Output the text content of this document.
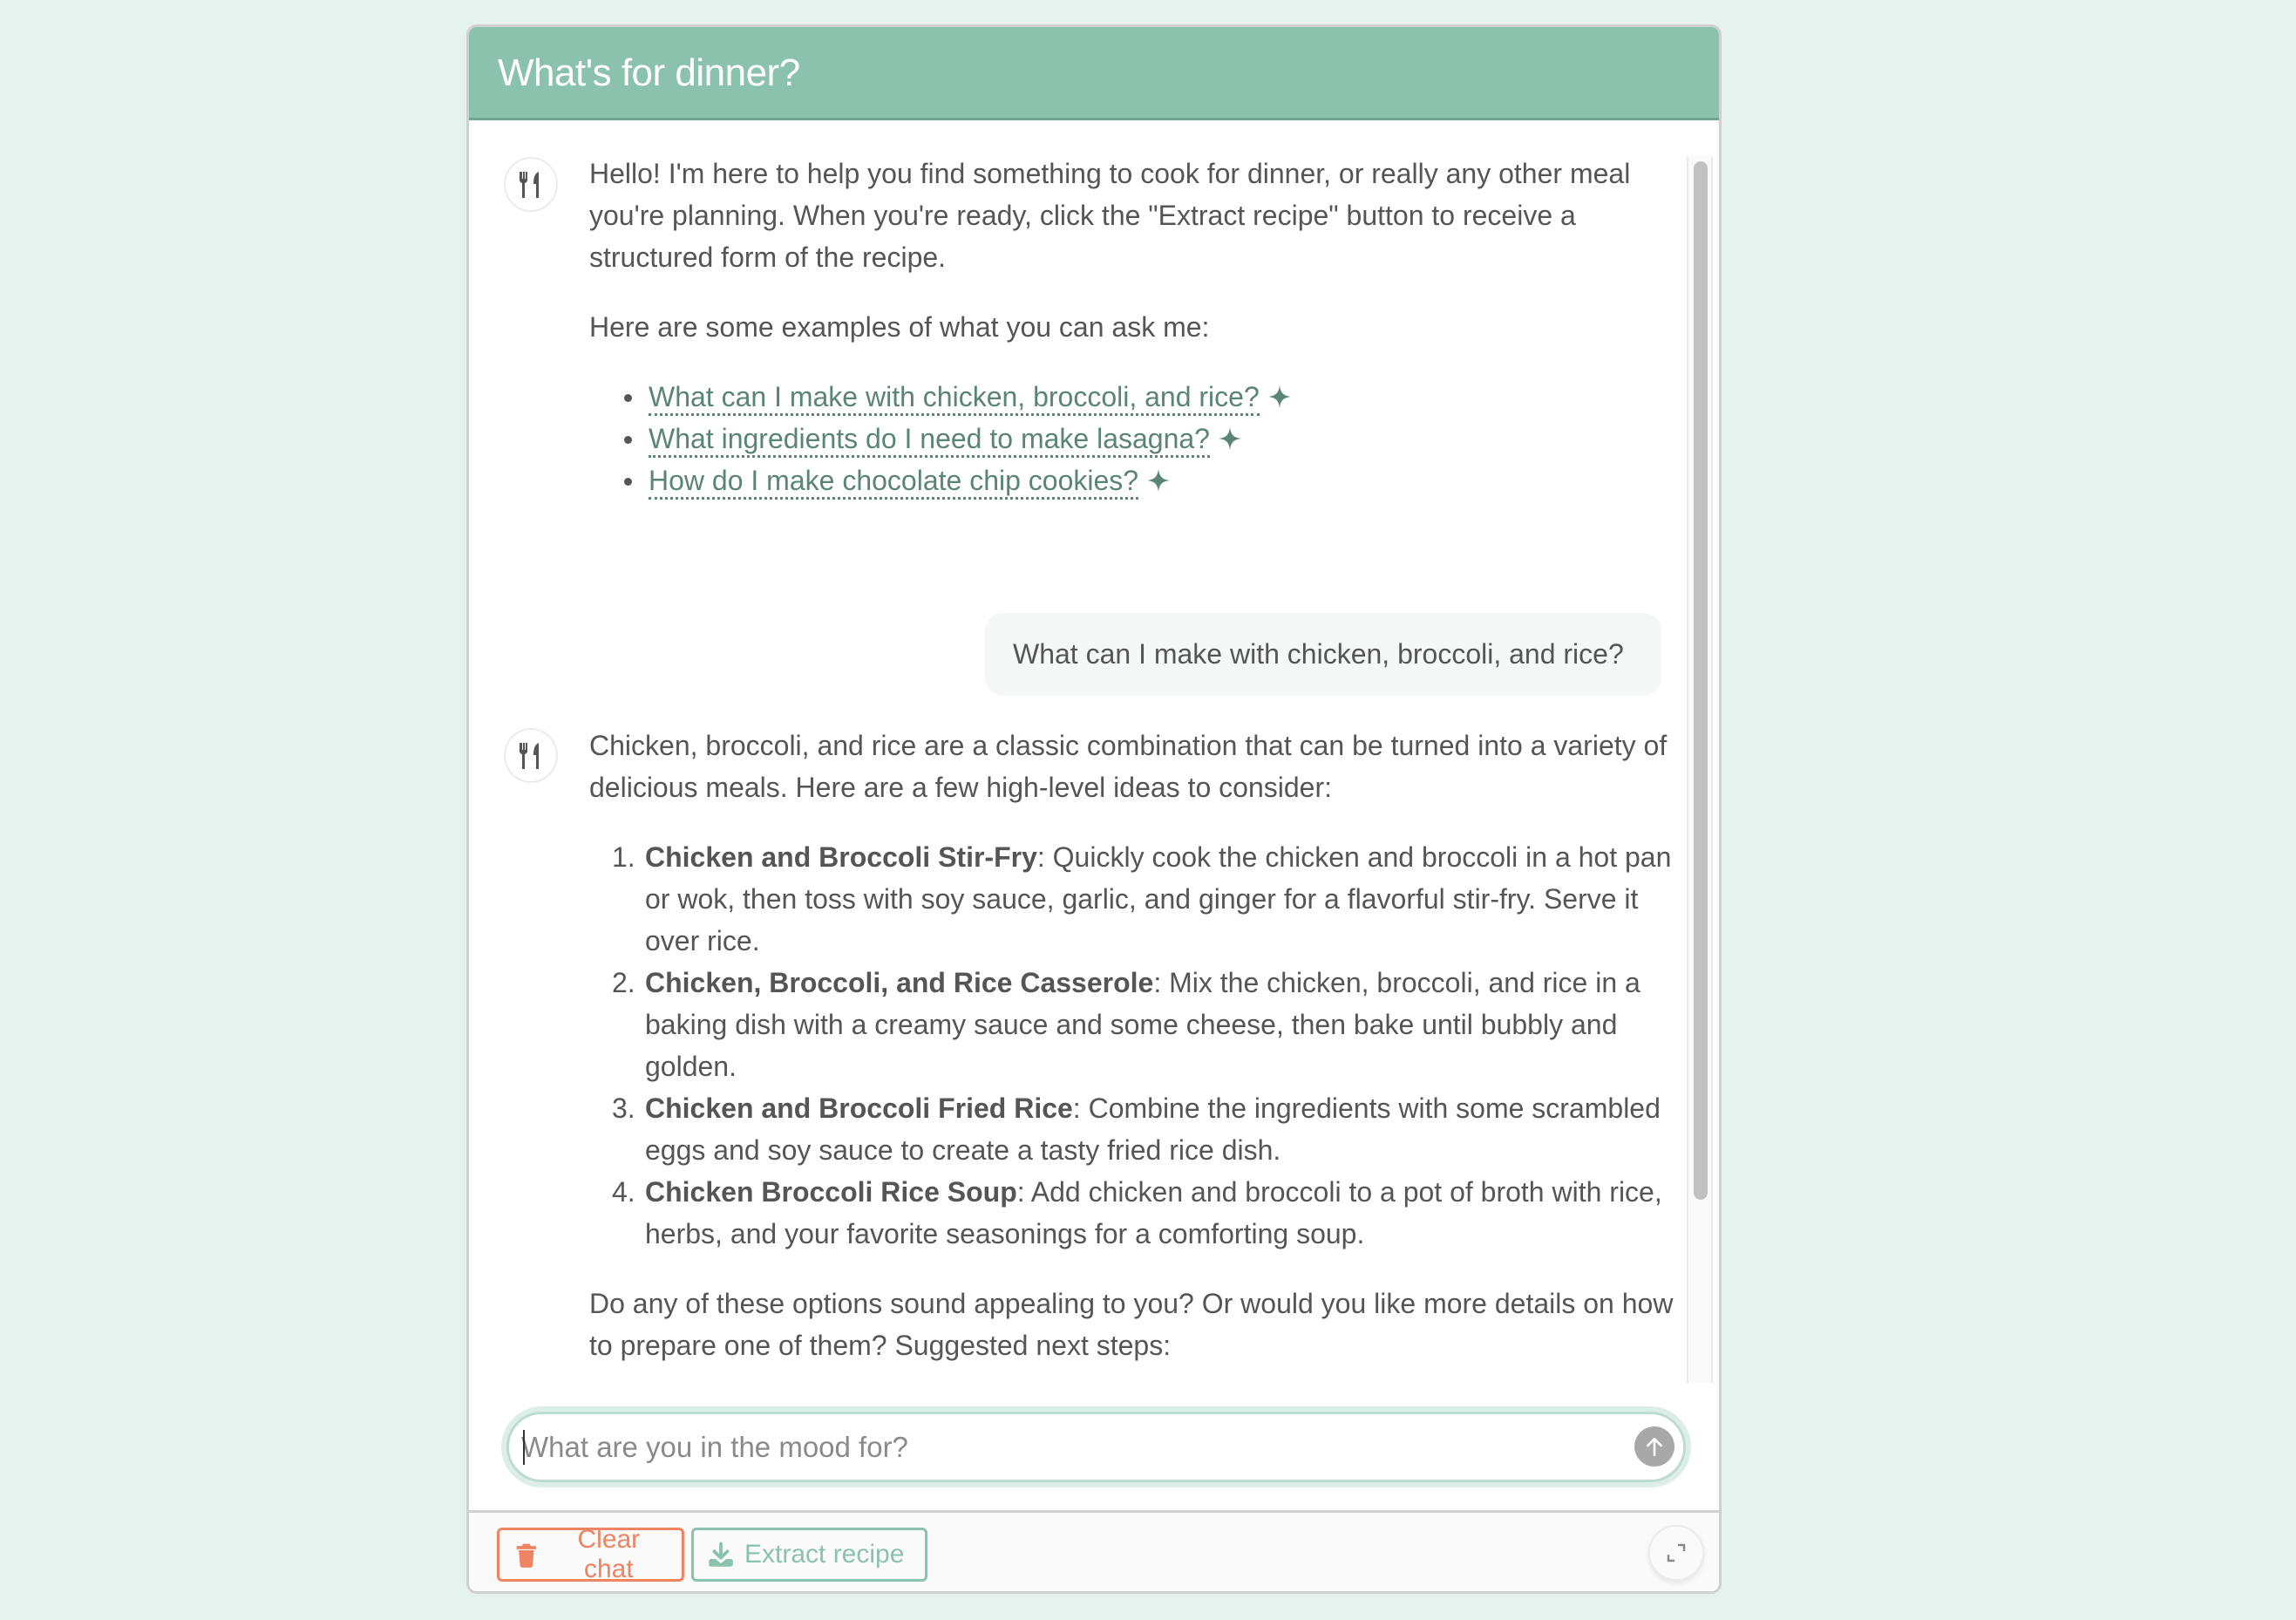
What's for dinner?

Hello! I'm here to help you find something to cook for dinner, or really any other meal you're planning. When you're ready, click the "Extract recipe" button to receive a structured form of the recipe.

Here are some examples of what you can ask me:

What can I make with chicken, broccoli, and rice?
What ingredients do I need to make lasagna?
How do I make chocolate chip cookies?
What can I make with chicken, broccoli, and rice?

Chicken, broccoli, and rice are a classic combination that can be turned into a variety of delicious meals. Here are a few high-level ideas to consider:

1. Chicken and Broccoli Stir-Fry: Quickly cook the chicken and broccoli in a hot pan or wok, then toss with soy sauce, garlic, and ginger for a flavorful stir-fry. Serve it over rice.
2. Chicken, Broccoli, and Rice Casserole: Mix the chicken, broccoli, and rice in a baking dish with a creamy sauce and some cheese, then bake until bubbly and golden.
3. Chicken and Broccoli Fried Rice: Combine the ingredients with some scrambled eggs and soy sauce to create a tasty fried rice dish.
4. Chicken Broccoli Rice Soup: Add chicken and broccoli to a pot of broth with rice, herbs, and your favorite seasonings for a comforting soup.

Do any of these options sound appealing to you? Or would you like more details on how to prepare one of them? Suggested next steps:

What are you in the mood for?
Clear chat
Extract recipe
